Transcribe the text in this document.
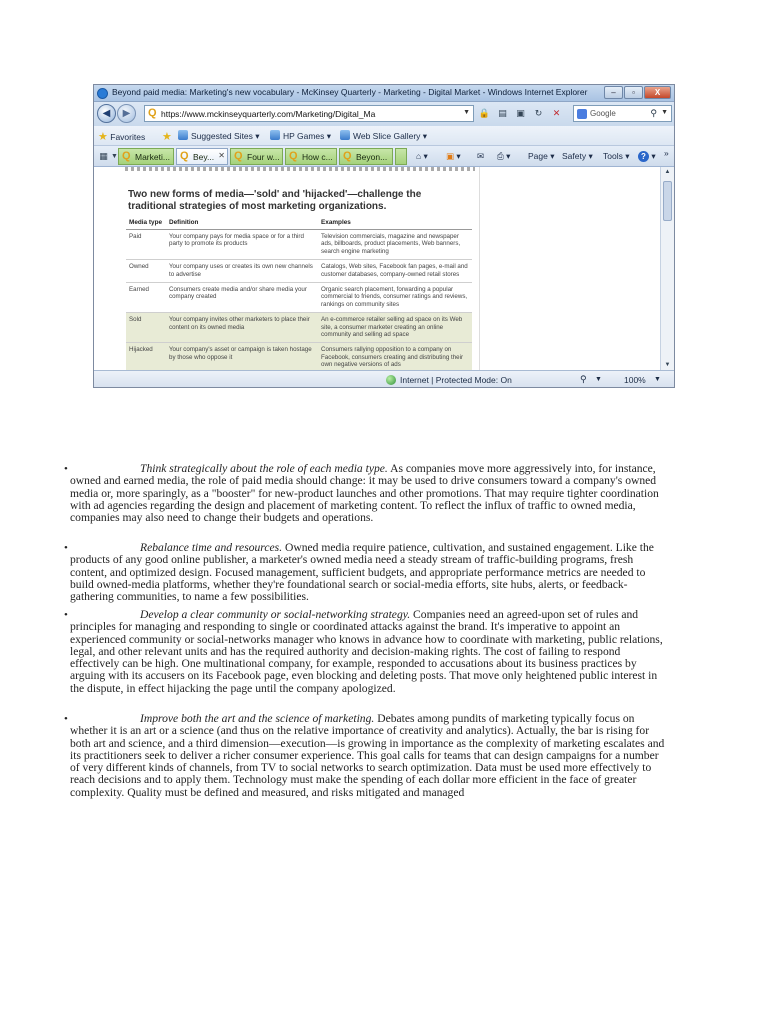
Beyond paid media: Marketing's new vocabulary - McKinsey Quarterly - Marketing - Digital Market - Windows Internet Explorer	–	▫	X
◀	▶	Q https://www.mckinseyquarterly.com/Marketing/Digital_Ma	▼ 🔒 ▤ ▣	↻	✕	Google	⚲ ▼
★ Favorites ★	Suggested Sites ▾	HP Games ▾	Web Slice Gallery ▾
▦ ▼ Q Marketi... Q Bey... ✕ Q Four w... Q How c... Q Beyon...	⌂ ▾ ▣ ▾ ✉ ⎙ ▾ Page ▾ Safety ▾ Tools ▾	? ▾ »
Two new forms of media—'sold' and 'hijacked'—challenge the traditional strategies of most marketing organizations.
Media type	Definition	Examples
Paid	Your company pays for media space or for a third party to promote its products	Television commercials, magazine and newspaper ads, billboards, product placements, Web banners, search engine marketing
Owned	Your company uses or creates its own new channels to advertise	Catalogs, Web sites, Facebook fan pages, e-mail and customer databases, company-owned retail stores
Earned	Consumers create media and/or share media your company created	Organic search placement, forwarding a popular commercial to friends, consumer ratings and reviews, rankings on community sites
Sold	Your company invites other marketers to place their content on its owned media	An e-commerce retailer selling ad space on its Web site, a consumer marketer creating an online community and selling ad space
Hijacked	Your company's asset or campaign is taken hostage by those who oppose it	Consumers rallying opposition to a company on Facebook, consumers creating and distributing their own negative versions of ads
▲
▼
Internet | Protected Mode: On	⚲ ▼	100% ▼
•	Think strategically about the role of each media type. As companies move more aggressively into, for instance, owned and earned media, the role of paid media should change: it may be used to drive consumers toward a company's owned media or, more sparingly, as a "booster" for new-product launches and other promotions. That may require tighter coordination with ad agencies regarding the design and placement of marketing content. To reflect the influx of traffic to owned media, companies may also need to change their budgets and operations.
•	Rebalance time and resources. Owned media require patience, cultivation, and sustained engagement. Like the products of any good online publisher, a marketer's owned media need a steady stream of traffic-building programs, fresh content, and optimized design. Focused management, sufficient budgets, and appropriate performance metrics are needed to build owned-media platforms, whether they're foundational search or social-media efforts, site hubs, alerts, or feedback-gathering communities, to name a few possibilities.
•	Develop a clear community or social-networking strategy. Companies need an agreed-upon set of rules and principles for managing and responding to single or coordinated attacks against the brand. It's imperative to appoint an experienced community or social-networks manager who knows in advance how to coordinate with marketing, public relations, legal, and other relevant units and has the required authority and decision-making rights. The cost of failing to respond effectively can be high. One multinational company, for example, responded to accusations about its business practices by arguing with its accusers on its Facebook page, even blocking and deleting posts. That move only heightened public interest in the dispute, in effect hijacking the page until the company apologized.
•	Improve both the art and the science of marketing. Debates among pundits of marketing typically focus on whether it is an art or a science (and thus on the relative importance of creativity and analytics). Actually, the bar is rising for both art and science, and a third dimension—execution—is growing in importance as the complexity of marketing escalates and its practitioners seek to deliver a richer consumer experience. This goal calls for teams that can design campaigns for a number of very different kinds of channels, from TV to social networks to search optimization. Data must be used more effectively to reach decisions and to apply them. Technology must make the spending of each dollar more efficient in the face of greater complexity. Quality must be defined and measured, and risks mitigated and managed
